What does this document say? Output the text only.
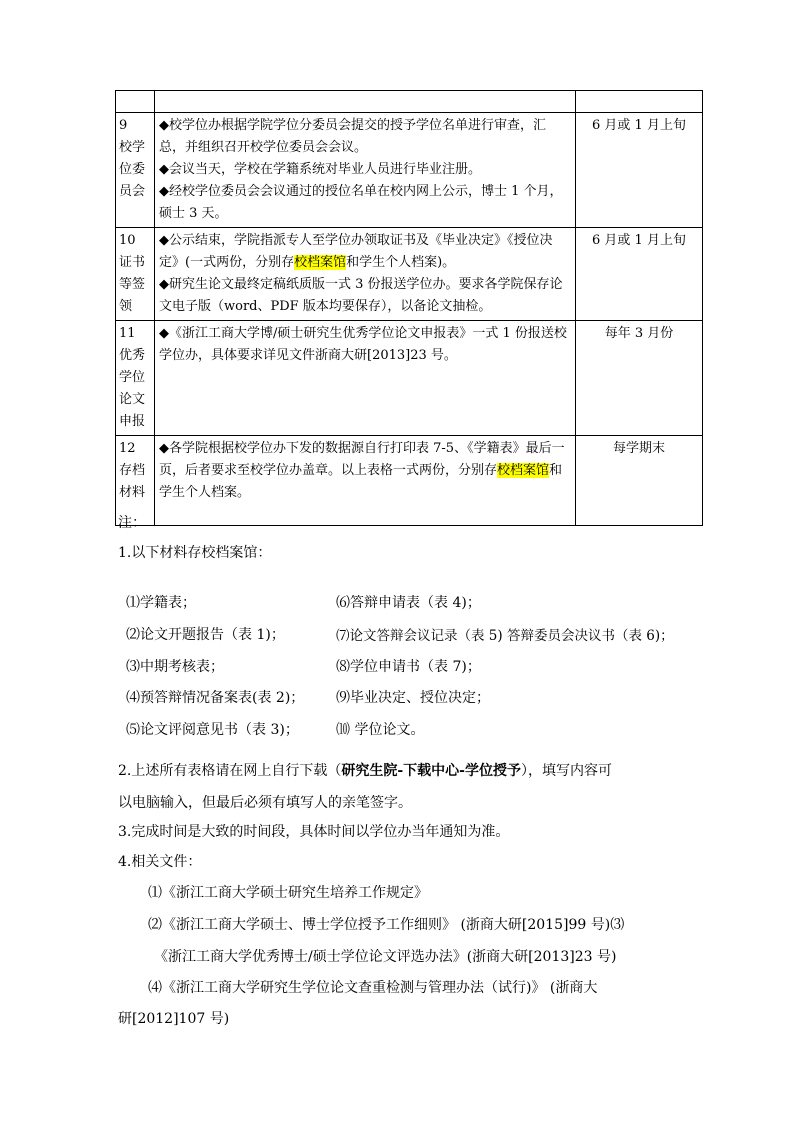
9
校学
位委
员会	◆校学位办根据学院学位分委员会提交的授予学位名单进行审查，汇总，并组织召开校学位委员会会议。
◆会议当天，学校在学籍系统对毕业人员进行毕业注册。
◆经校学位委员会会议通过的授位名单在校内网上公示，博士 1 个月，硕士 3 天。	6 月或 1 月上旬

10
证书
等签
领	◆公示结束，学院指派专人至学位办领取证书及《毕业决定》《授位决定》(一式两份，分别存校档案馆和学生个人档案)。
◆研究生论文最终定稿纸质版一式 3 份报送学位办。要求各学院保存论文电子版（word、PDF 版本均要保存），以备论文抽检。	6 月或 1 月上旬

11
优秀
学位
论文
申报	◆《浙江工商大学博/硕士研究生优秀学位论文申报表》一式 1 份报送校学位办，具体要求详见文件浙商大研[2013]23 号。	每年 3 月份

12
存档
材料	◆各学院根据校学位办下发的数据源自行打印表 7-5、《学籍表》最后一页，后者要求至校学位办盖章。以上表格一式两份，分别存校档案馆和学生个人档案。	每学期末
注：
1.以下材料存校档案馆：
⑴学籍表；
⑵论文开题报告（表 1)；
⑶中期考核表；
⑷预答辩情况备案表(表 2)；
⑸论文评阅意见书（表 3)；
⑹答辩申请表（表 4)；
⑺论文答辩会议记录（表 5) 答辩委员会决议书（表 6)；
⑻学位申请书（表 7)；
⑼毕业决定、授位决定；
⑽ 学位论文。
2.上述所有表格请在网上自行下载（研究生院-下载中心-学位授予），填写内容可
以电脑输入，但最后必须有填写人的亲笔签字。
3.完成时间是大致的时间段，具体时间以学位办当年通知为准。
4.相关文件：
⑴《浙江工商大学硕士研究生培养工作规定》
⑵《浙江工商大学硕士、博士学位授予工作细则》 (浙商大研[2015]99 号)⑶
《浙江工商大学优秀博士/硕士学位论文评选办法》(浙商大研[2013]23 号)
⑷《浙江工商大学研究生学位论文查重检测与管理办法（试行)》 (浙商大
研[2012]107 号)
